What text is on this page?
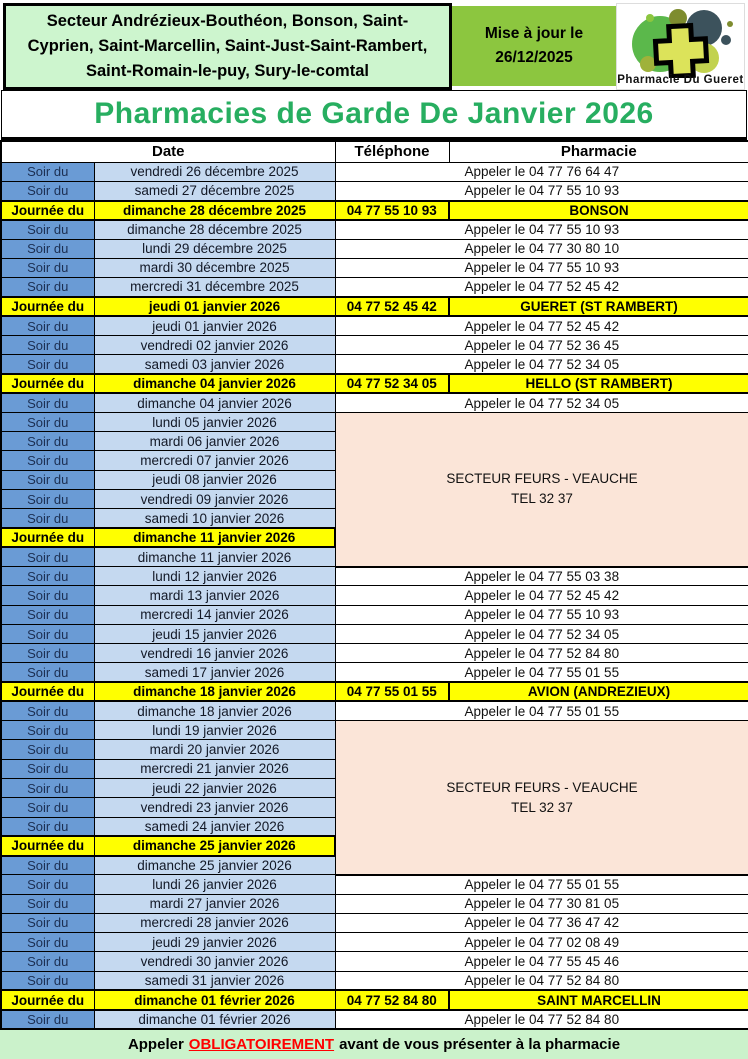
Secteur Andrézieux-Bouthéon, Bonson, Saint-Cyprien, Saint-Marcellin, Saint-Just-Saint-Rambert, Saint-Romain-le-puy, Sury-le-comtal
Mise à jour le
26/12/2025
Pharmacie Du Gueret
Pharmacies de Garde De Janvier 2026
Date		Téléphone	Pharmacie
Soir du	vendredi 26 décembre 2025	Appeler le 04 77 76 64 47	
Soir du	samedi 27 décembre 2025	Appeler le 04 77 55 10 93	
Journée du	dimanche 28 décembre 2025	04 77 55 10 93	BONSON
Soir du	dimanche 28 décembre 2025	Appeler le 04 77 55 10 93	
Soir du	lundi 29 décembre 2025	Appeler le 04 77 30 80 10	
Soir du	mardi 30 décembre 2025	Appeler le 04 77 55 10 93	
Soir du	mercredi 31 décembre 2025	Appeler le 04 77 52 45 42	
Journée du	jeudi 01 janvier 2026	04 77 52 45 42	GUERET (ST RAMBERT)
Soir du	jeudi 01 janvier 2026	Appeler le 04 77 52 45 42	
Soir du	vendredi 02 janvier 2026	Appeler le 04 77 52 36 45	
Soir du	samedi 03 janvier 2026	Appeler le 04 77 52 34 05	
Journée du	dimanche 04 janvier 2026	04 77 52 34 05	HELLO (ST RAMBERT)
Soir du	dimanche 04 janvier 2026	Appeler le 04 77 52 34 05	
Soir du	lundi 05 janvier 2026	SECTEUR FEURS - VEAUCHE
TEL 32 37	

Soir du	mardi 06 janvier 2026		
Soir du	mercredi 07 janvier 2026		
Soir du	jeudi 08 janvier 2026		
Soir du	vendredi 09 janvier 2026		
Soir du	samedi 10 janvier 2026		
Journée du	dimanche 11 janvier 2026		
Soir du	dimanche 11 janvier 2026		
Soir du	lundi 12 janvier 2026	Appeler le 04 77 55 03 38	
Soir du	mardi 13 janvier 2026	Appeler le 04 77 52 45 42	
Soir du	mercredi 14 janvier 2026	Appeler le 04 77 55 10 93	
Soir du	jeudi 15 janvier 2026	Appeler le 04 77 52 34 05	
Soir du	vendredi 16 janvier 2026	Appeler le 04 77 52 84 80	
Soir du	samedi 17 janvier 2026	Appeler le 04 77 55 01 55	
Journée du	dimanche 18 janvier 2026	04 77 55 01 55	AVION (ANDREZIEUX)
Soir du	dimanche 18 janvier 2026	Appeler le 04 77 55 01 55	
Soir du	lundi 19 janvier 2026	SECTEUR FEURS - VEAUCHE
TEL 32 37	

Soir du	mardi 20 janvier 2026		
Soir du	mercredi 21 janvier 2026		
Soir du	jeudi 22 janvier 2026		
Soir du	vendredi 23 janvier 2026		
Soir du	samedi 24 janvier 2026		
Journée du	dimanche 25 janvier 2026		
Soir du	dimanche 25 janvier 2026		
Soir du	lundi 26 janvier 2026	Appeler le 04 77 55 01 55	
Soir du	mardi 27 janvier 2026	Appeler le 04 77 30 81 05	
Soir du	mercredi 28 janvier 2026	Appeler le 04 77 36 47 42	
Soir du	jeudi 29 janvier 2026	Appeler le 04 77 02 08 49	
Soir du	vendredi 30 janvier 2026	Appeler le 04 77 55 45 46	
Soir du	samedi 31 janvier 2026	Appeler le 04 77 52 84 80	
Journée du	dimanche 01 février 2026	04 77 52 84 80	SAINT MARCELLIN
Soir du	dimanche 01 février 2026	Appeler le 04 77 52 84 80	
Appeler OBLIGATOIREMENT avant de vous présenter à la pharmacie
